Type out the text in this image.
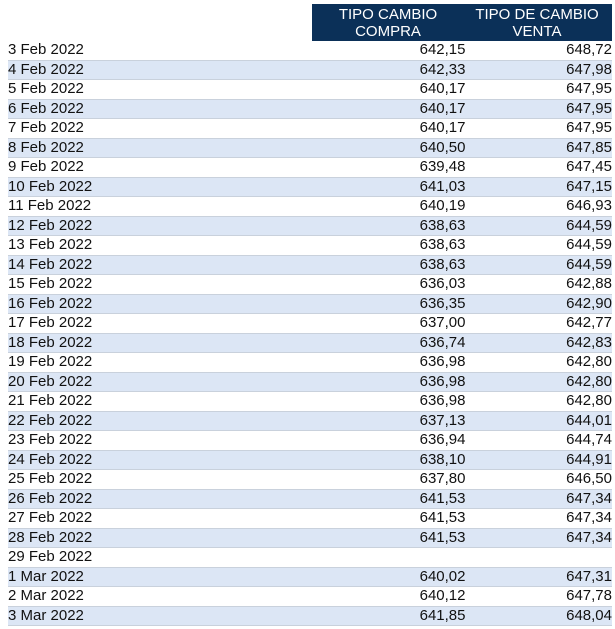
TIPO CAMBIO
COMPRA
TIPO DE CAMBIO
VENTA
3 Feb 2022	642,15	648,72
4 Feb 2022	642,33	647,98
5 Feb 2022	640,17	647,95
6 Feb 2022	640,17	647,95
7 Feb 2022	640,17	647,95
8 Feb 2022	640,50	647,85
9 Feb 2022	639,48	647,45
10 Feb 2022	641,03	647,15
11 Feb 2022	640,19	646,93
12 Feb 2022	638,63	644,59
13 Feb 2022	638,63	644,59
14 Feb 2022	638,63	644,59
15 Feb 2022	636,03	642,88
16 Feb 2022	636,35	642,90
17 Feb 2022	637,00	642,77
18 Feb 2022	636,74	642,83
19 Feb 2022	636,98	642,80
20 Feb 2022	636,98	642,80
21 Feb 2022	636,98	642,80
22 Feb 2022	637,13	644,01
23 Feb 2022	636,94	644,74
24 Feb 2022	638,10	644,91
25 Feb 2022	637,80	646,50
26 Feb 2022	641,53	647,34
27 Feb 2022	641,53	647,34
28 Feb 2022	641,53	647,34
29 Feb 2022		
1 Mar 2022	640,02	647,31
2 Mar 2022	640,12	647,78
3 Mar 2022	641,85	648,04
